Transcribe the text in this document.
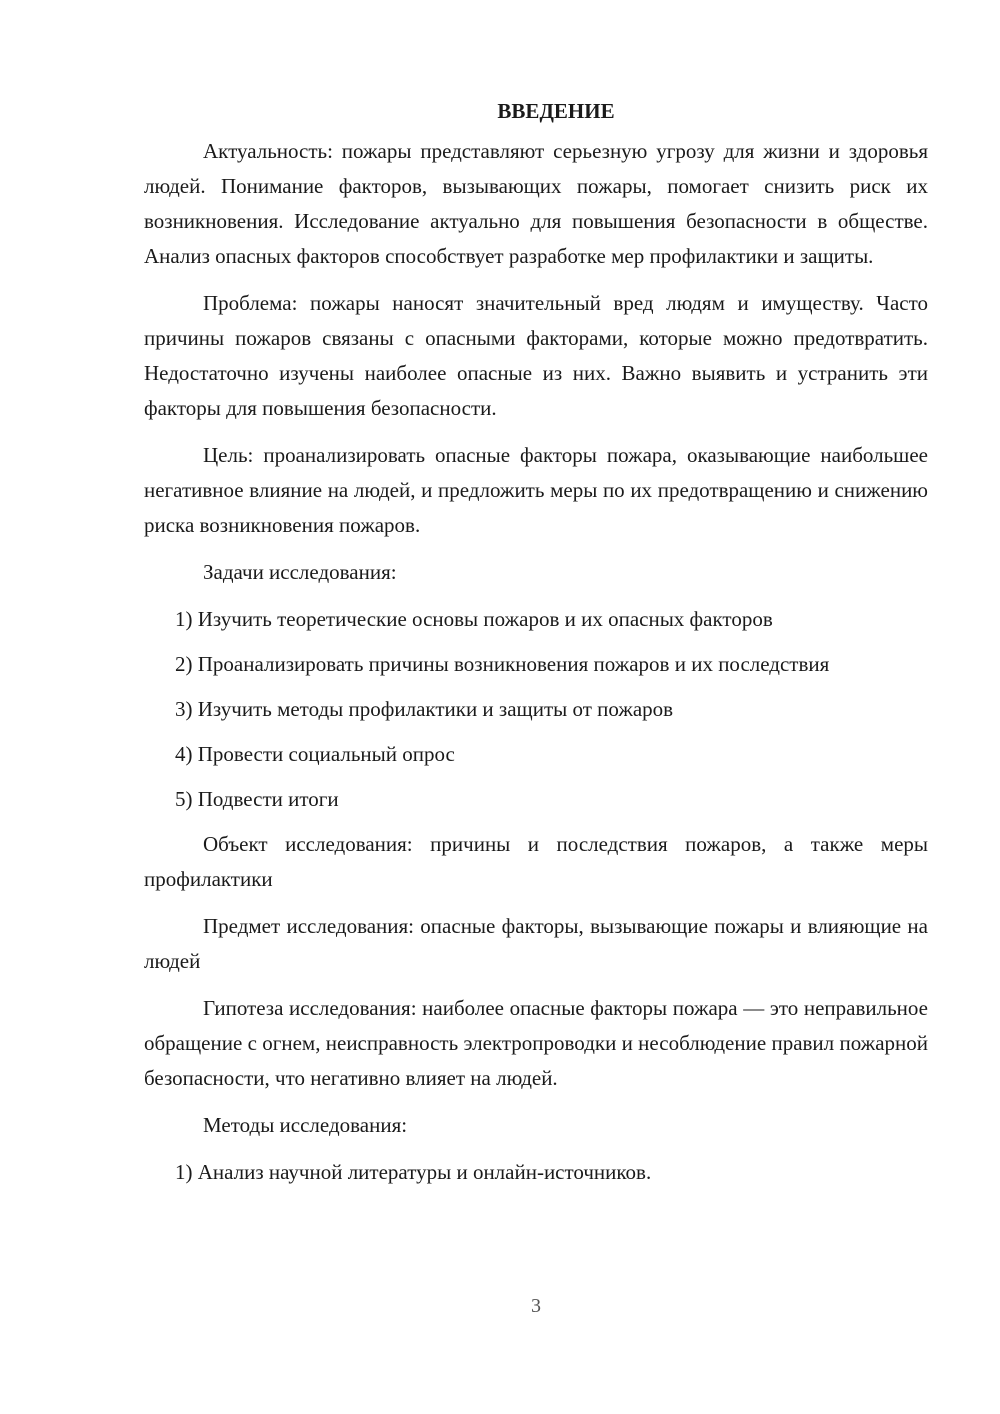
ВВЕДЕНИЕ

Актуальность: пожары представляют серьезную угрозу для жизни и здоровья людей. Понимание факторов, вызывающих пожары, помогает снизить риск их возникновения. Исследование актуально для повышения безопасности в обществе. Анализ опасных факторов способствует разработке мер профилактики и защиты.

Проблема: пожары наносят значительный вред людям и имуществу. Часто причины пожаров связаны с опасными факторами, которые можно предотвратить. Недостаточно изучены наиболее опасные из них. Важно выявить и устранить эти факторы для повышения безопасности.

Цель: проанализировать опасные факторы пожара, оказывающие наибольшее негативное влияние на людей, и предложить меры по их предотвращению и снижению риска возникновения пожаров.

Задачи исследования:

1) Изучить теоретические основы пожаров и их опасных факторов

2) Проанализировать причины возникновения пожаров и их последствия

3) Изучить методы профилактики и защиты от пожаров

4) Провести социальный опрос

5) Подвести итоги

Объект исследования: причины и последствия пожаров, а также меры профилактики

Предмет исследования: опасные факторы, вызывающие пожары и влияющие на людей

Гипотеза исследования: наиболее опасные факторы пожара — это неправильное обращение с огнем, неисправность электропроводки и несоблюдение правил пожарной безопасности, что негативно влияет на людей.

Методы исследования:

1) Анализ научной литературы и онлайн-источников.

3
